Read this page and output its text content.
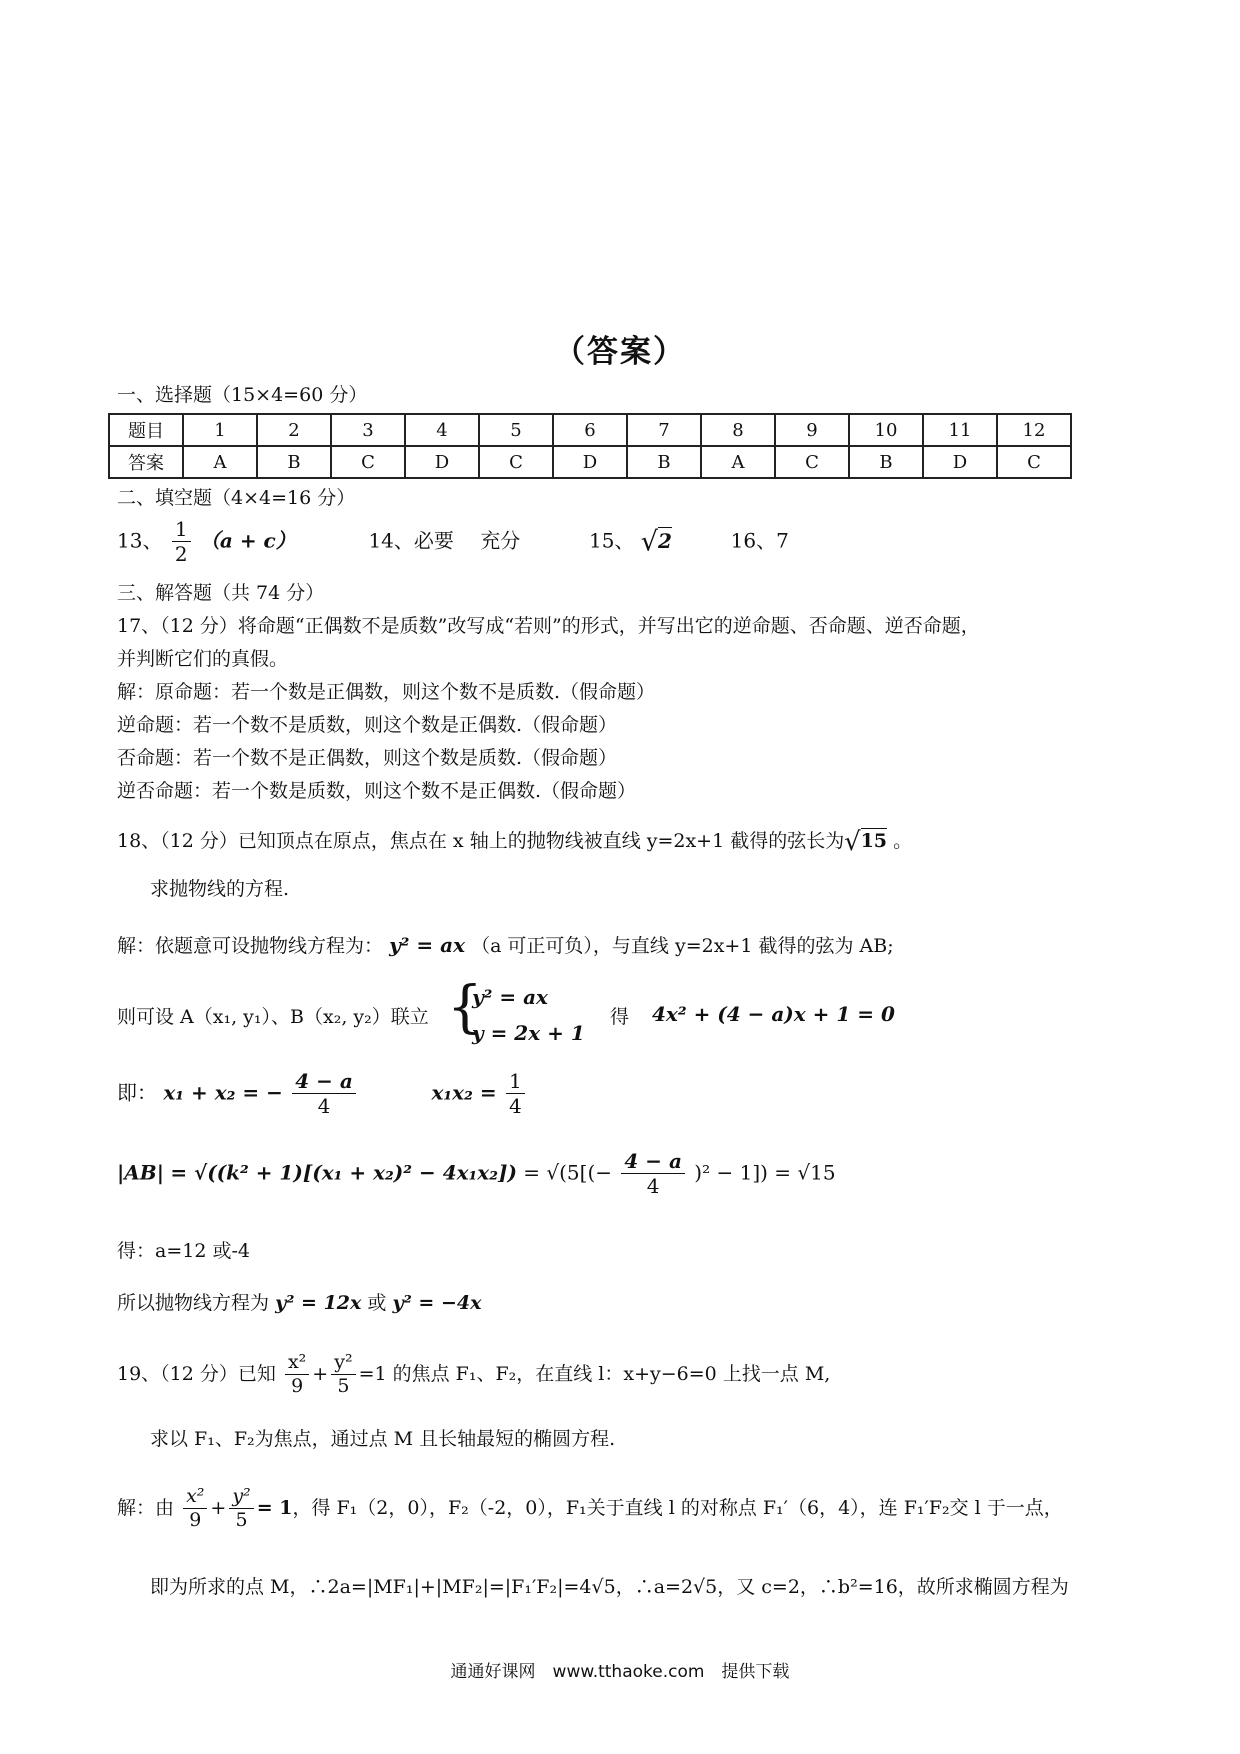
（答案）
一、选择题（15×4=60 分）
题目	1	2	3	4	5	6	7	8	9	10	11	12
答案	A	B	C	D	C	D	B	A	C	B	D	C
二、填空题（4×4=16 分）
13、 $\frac{1}{2} (a + c)$	14、必要　 充分	15、 √2	16、7
三、解答题（共 74 分）
17、（12 分）将命题“正偶数不是质数”改写成“若则”的形式，并写出它的逆命题、否命题、逆否命题，
并判断它们的真假。
解：原命题：若一个数是正偶数，则这个数不是质数.（假命题）
逆命题：若一个数不是质数，则这个数是正偶数.（假命题）
否命题：若一个数不是正偶数，则这个数是质数.（假命题）
逆否命题：若一个数是质数，则这个数不是正偶数.（假命题）
18、（12 分）已知顶点在原点，焦点在 x 轴上的抛物线被直线 y=2x+1 截得的弦长为√15 。
求抛物线的方程.
解：依题意可设抛物线方程为： y² = ax （a 可正可负），与直线 y=2x+1 截得的弦为 AB;
则可设 A（x₁, y₁）、B（x₂, y₂）联立 {
y² = ax
y = 2x + 1
得 4x² + (4 − a)x + 1 = 0
即： x₁ + x₂ = − $\frac{4 - a}{4}$	$x_1x_2 = \frac{1}{4}$
$|AB| = √((k^2 + 1)[(x_1 + x_2)^2 - 4x_1x_2]) = √(5[(- \frac{4 - a}{4} )^2 - 1]) = √15$
得：a=12 或-4
所以抛物线方程为 y² = 12x 或 y² = −4x
19、（12 分）已知 $\frac{\text{x²}}{9} + \frac{\text{y²}}{5} =1$ 的焦点 F₁、F₂，在直线 l：x+y−6=0 上找一点 M,
求以 F₁、F₂为焦点，通过点 M 且长轴最短的椭圆方程.
解：由 $\frac{\text{x²}}{9} + \frac{\text{y²}}{5} = 1$，得 F₁（2，0），F₂（-2，0），F₁关于直线 l 的对称点 F₁′（6，4），连 F₁′F₂交 l 于一点，
即为所求的点 M，∴2a=|MF₁|+|MF₂|=|F₁′F₂|=4√5，∴a=2√5，又 c=2，∴b²=16，故所求椭圆方程为
通通好课网　www.tthaoke.com　提供下载
